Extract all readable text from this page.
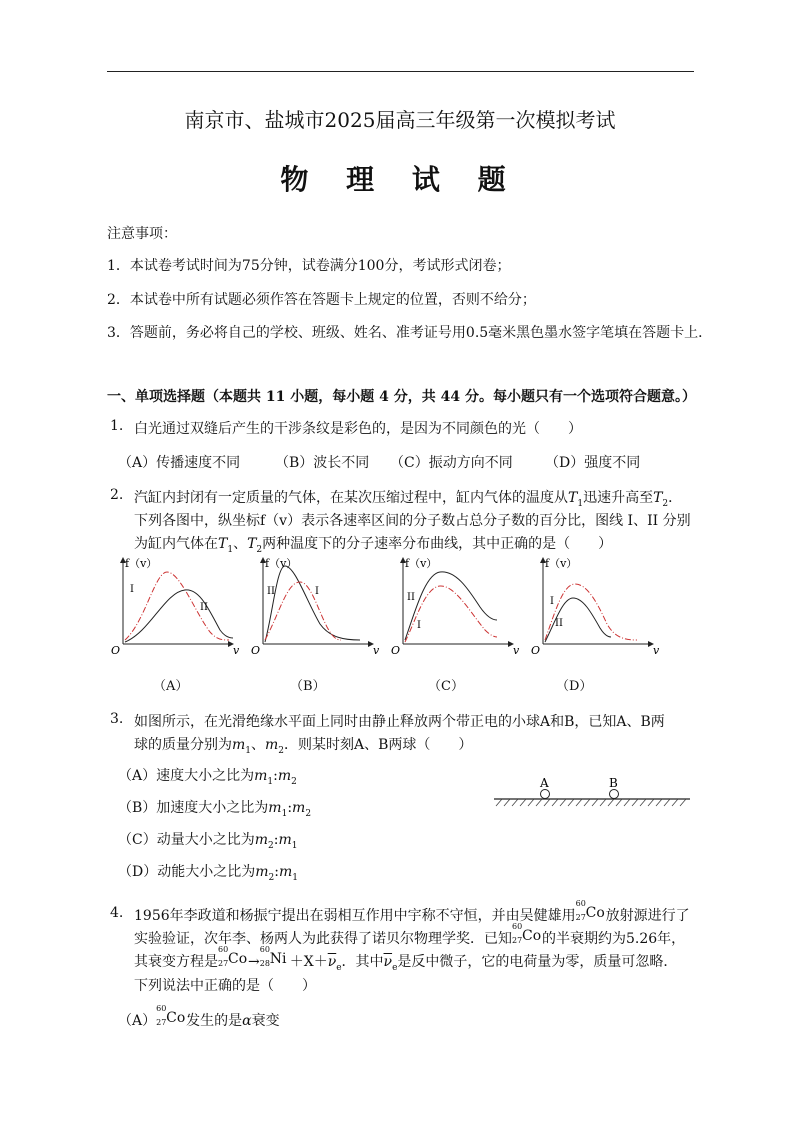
南京市、盐城市2025届高三年级第一次模拟考试
物 理 试 题
注意事项：
1．本试卷考试时间为75分钟，试卷满分100分，考试形式闭卷；
2．本试卷中所有试题必须作答在答题卡上规定的位置，否则不给分；
3．答题前，务必将自己的学校、班级、姓名、准考证号用0.5毫米黑色墨水签字笔填在答题卡上．
一、单项选择题（本题共 11 小题，每小题 4 分，共 44 分。每小题只有一个选项符合题意。）
1. 白光通过双缝后产生的干涉条纹是彩色的，是因为不同颜色的光（　　）
（A）传播速度不同 （B）波长不同 （C）振动方向不同 （D）强度不同
2. 汽缸内封闭有一定质量的气体，在某次压缩过程中，缸内气体的温度从$T_1$迅速升高至$T_2$．
下列各图中，纵坐标f（v）表示各速率区间的分子数占总分子数的百分比，图线 I、II 分别
为缸内气体在$T_1$、$T_2$两种温度下的分子速率分布曲线，其中正确的是（　　）
f（v）
v
O
I
II
f（v）
v
O
II	I
f（v）
v
O
II
I
f（v）
v
O
I
II
（A）	（B）	（C）	（D）
3. 如图所示，在光滑绝缘水平面上同时由静止释放两个带正电的小球A和B，已知A、B两
球的质量分别为$m_1$、$m_2$．则某时刻A、B两球（　　）
（A）速度大小之比为$m_1:m_2$
（B）加速度大小之比为$m_1:m_2$
（C）动量大小之比为$m_2:m_1$
（D）动能大小之比为$m_2:m_1$
A	B
4. 1956年李政道和杨振宁提出在弱相互作用中宇称不守恒，并由吴健雄用
60
27 Co 放射源进行了
实验验证，次年李、杨两人为此获得了诺贝尔物理学奖．已知
60
27 Co 的半衰期约为5.26年，
其衰变方程是
60
27 Co →
60
28 $Ni +X+\overline{\nu}_e$．其中$\overline{\nu}_e$是反中微子，它的电荷量为零，质量可忽略．
下列说法中正确的是（　　）
（A）
60
27 Co 发生的是α衰变
